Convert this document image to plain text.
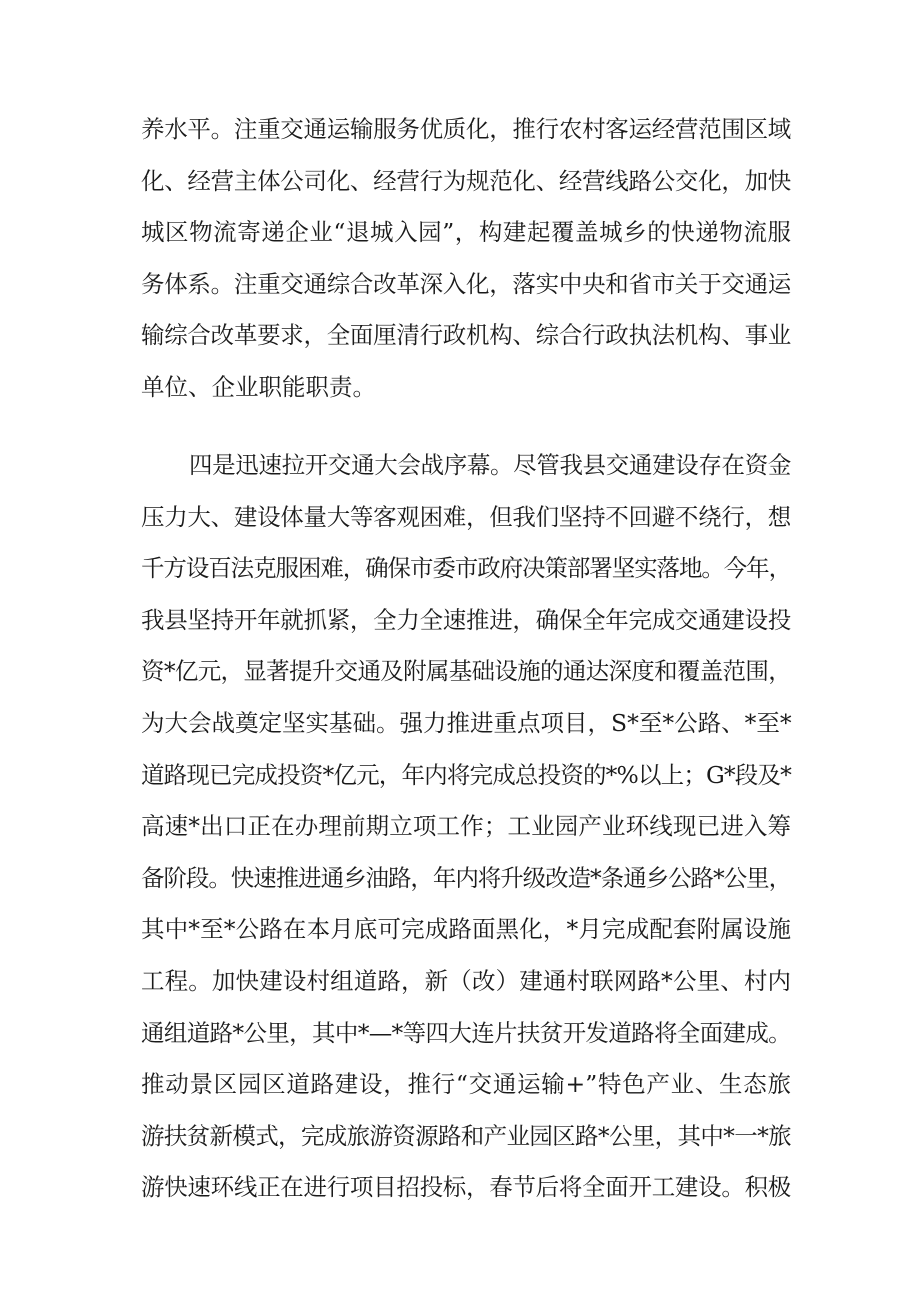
养水平。注重交通运输服务优质化，推行农村客运经营范围区域
化、经营主体公司化、经营行为规范化、经营线路公交化，加快
城区物流寄递企业“退城入园”，构建起覆盖城乡的快递物流服
务体系。注重交通综合改革深入化，落实中央和省市关于交通运
输综合改革要求，全面厘清行政机构、综合行政执法机构、事业
单位、企业职能职责。
四是迅速拉开交通大会战序幕。尽管我县交通建设存在资金
压力大、建设体量大等客观困难，但我们坚持不回避不绕行，想
千方设百法克服困难，确保市委市政府决策部署坚实落地。今年，
我县坚持开年就抓紧，全力全速推进，确保全年完成交通建设投
资*亿元，显著提升交通及附属基础设施的通达深度和覆盖范围，
为大会战奠定坚实基础。强力推进重点项目，S*至*公路、*至*
道路现已完成投资*亿元，年内将完成总投资的*%以上；G*段及*
高速*出口正在办理前期立项工作；工业园产业环线现已进入筹
备阶段。快速推进通乡油路，年内将升级改造*条通乡公路*公里，
其中*至*公路在本月底可完成路面黑化，*月完成配套附属设施
工程。加快建设村组道路，新（改）建通村联网路*公里、村内
通组道路*公里，其中*—*等四大连片扶贫开发道路将全面建成。
推动景区园区道路建设，推行“交通运输+”特色产业、生态旅
游扶贫新模式，完成旅游资源路和产业园区路*公里，其中*一*旅
游快速环线正在进行项目招投标，春节后将全面开工建设。积极
